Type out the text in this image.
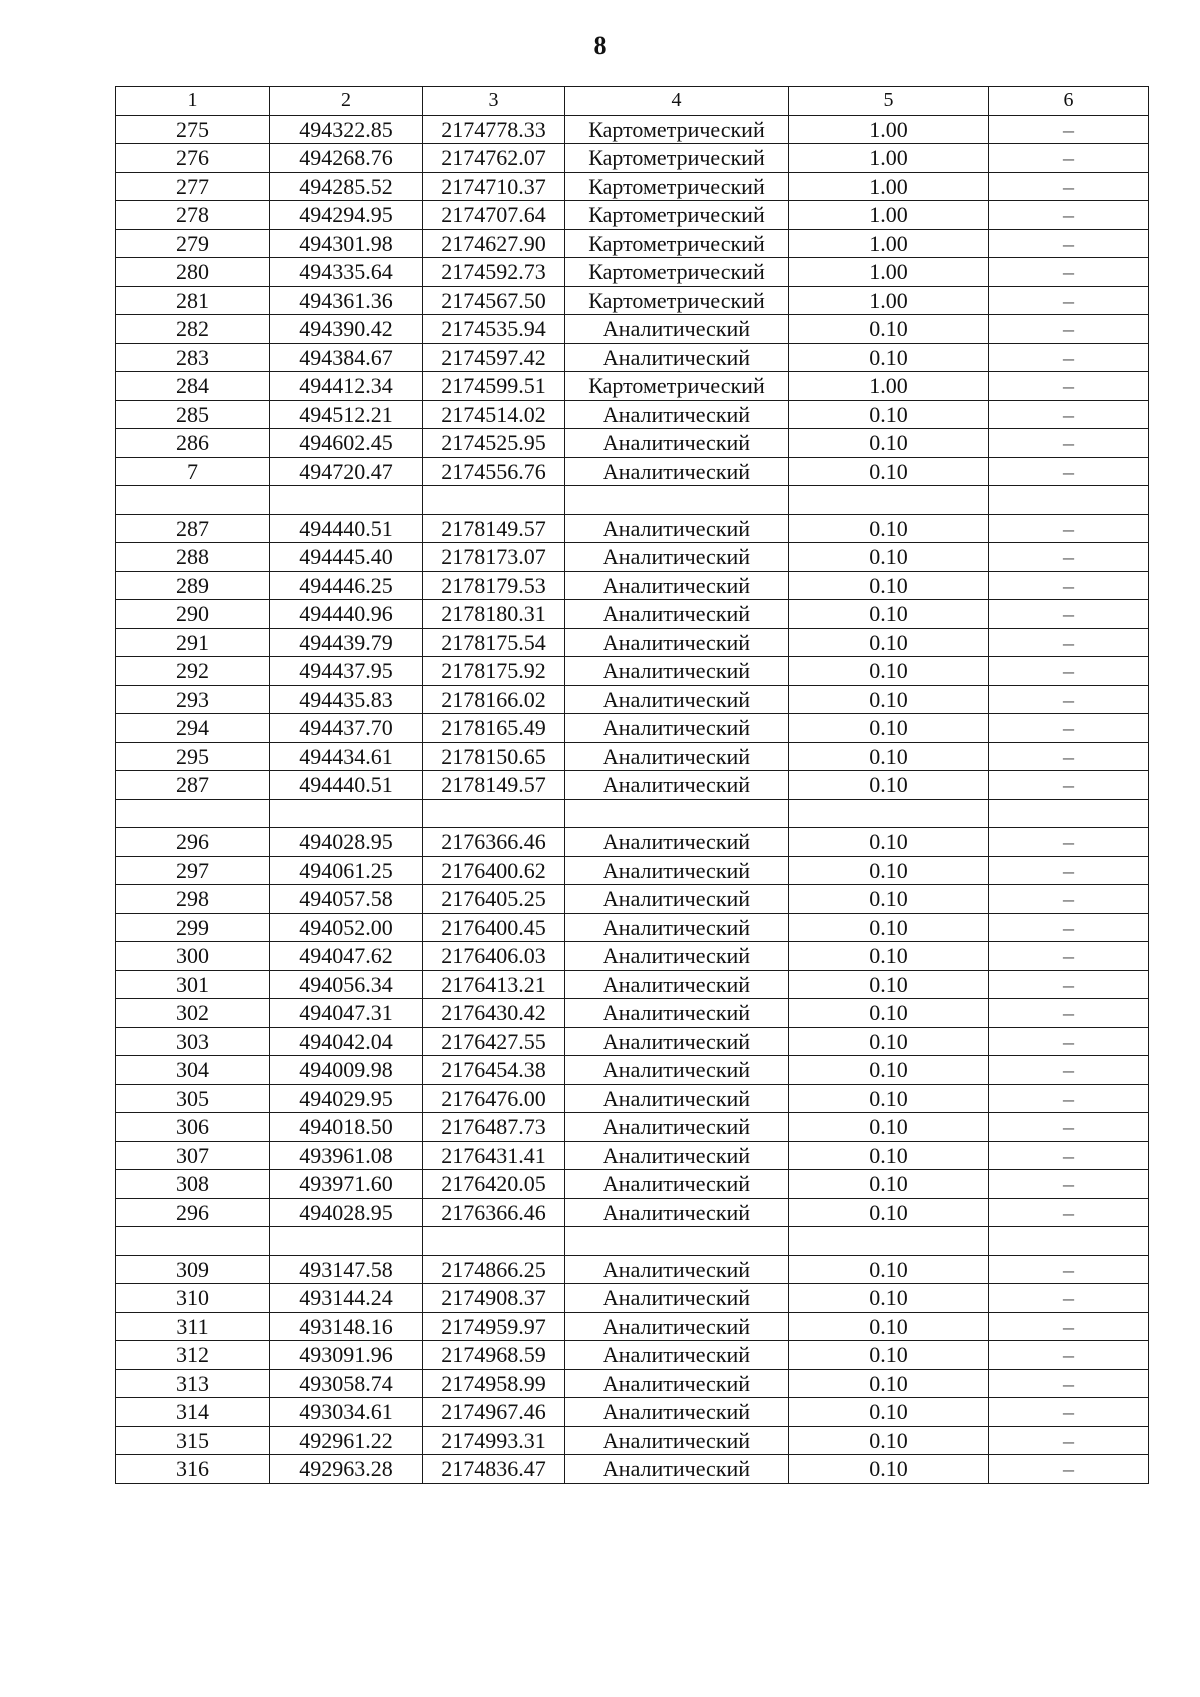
8
1	2	3	4	5	6
275	494322.85	2174778.33	Картометрический	1.00	–
276	494268.76	2174762.07	Картометрический	1.00	–
277	494285.52	2174710.37	Картометрический	1.00	–
278	494294.95	2174707.64	Картометрический	1.00	–
279	494301.98	2174627.90	Картометрический	1.00	–
280	494335.64	2174592.73	Картометрический	1.00	–
281	494361.36	2174567.50	Картометрический	1.00	–
282	494390.42	2174535.94	Аналитический	0.10	–
283	494384.67	2174597.42	Аналитический	0.10	–
284	494412.34	2174599.51	Картометрический	1.00	–
285	494512.21	2174514.02	Аналитический	0.10	–
286	494602.45	2174525.95	Аналитический	0.10	–
7	494720.47	2174556.76	Аналитический	0.10	–

287	494440.51	2178149.57	Аналитический	0.10	–
288	494445.40	2178173.07	Аналитический	0.10	–
289	494446.25	2178179.53	Аналитический	0.10	–
290	494440.96	2178180.31	Аналитический	0.10	–
291	494439.79	2178175.54	Аналитический	0.10	–
292	494437.95	2178175.92	Аналитический	0.10	–
293	494435.83	2178166.02	Аналитический	0.10	–
294	494437.70	2178165.49	Аналитический	0.10	–
295	494434.61	2178150.65	Аналитический	0.10	–
287	494440.51	2178149.57	Аналитический	0.10	–

296	494028.95	2176366.46	Аналитический	0.10	–
297	494061.25	2176400.62	Аналитический	0.10	–
298	494057.58	2176405.25	Аналитический	0.10	–
299	494052.00	2176400.45	Аналитический	0.10	–
300	494047.62	2176406.03	Аналитический	0.10	–
301	494056.34	2176413.21	Аналитический	0.10	–
302	494047.31	2176430.42	Аналитический	0.10	–
303	494042.04	2176427.55	Аналитический	0.10	–
304	494009.98	2176454.38	Аналитический	0.10	–
305	494029.95	2176476.00	Аналитический	0.10	–
306	494018.50	2176487.73	Аналитический	0.10	–
307	493961.08	2176431.41	Аналитический	0.10	–
308	493971.60	2176420.05	Аналитический	0.10	–
296	494028.95	2176366.46	Аналитический	0.10	–

309	493147.58	2174866.25	Аналитический	0.10	–
310	493144.24	2174908.37	Аналитический	0.10	–
311	493148.16	2174959.97	Аналитический	0.10	–
312	493091.96	2174968.59	Аналитический	0.10	–
313	493058.74	2174958.99	Аналитический	0.10	–
314	493034.61	2174967.46	Аналитический	0.10	–
315	492961.22	2174993.31	Аналитический	0.10	–
316	492963.28	2174836.47	Аналитический	0.10	–
